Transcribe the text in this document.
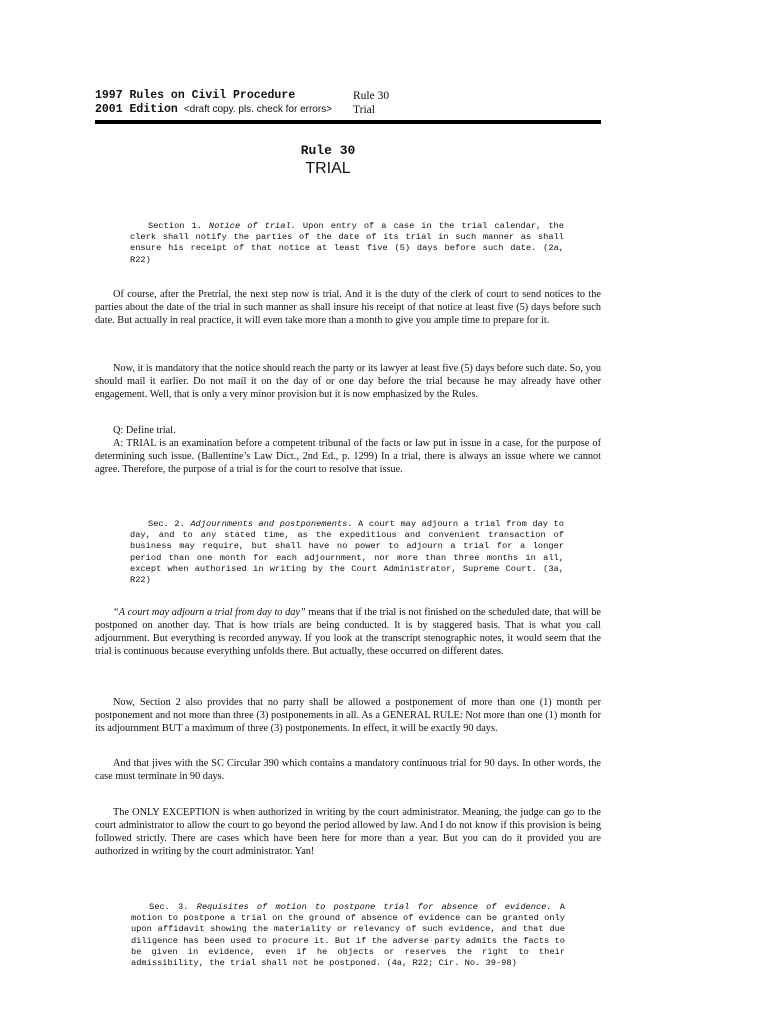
1997 Rules on Civil Procedure
2001 Edition <draft copy. pls. check for errors>
Rule 30
Trial
Rule 30
TRIAL
Section 1. Notice of trial. Upon entry of a case in the trial calendar, the clerk shall notify the parties of the date of its trial in such manner as shall ensure his receipt of that notice at least five (5) days before such date. (2a, R22)
Of course, after the Pretrial, the next step now is trial. And it is the duty of the clerk of court to send notices to the parties about the date of the trial in such manner as shall insure his receipt of that notice at least five (5) days before such date. But actually in real practice, it will even take more than a month to give you ample time to prepare for it.
Now, it is mandatory that the notice should reach the party or its lawyer at least five (5) days before such date. So, you should mail it earlier. Do not mail it on the day of or one day before the trial because he may already have other engagement. Well, that is only a very minor provision but it is now emphasized by the Rules.
Q: Define trial.
A: TRIAL is an examination before a competent tribunal of the facts or law put in issue in a case, for the purpose of determining such issue. (Ballentine’s Law Dict., 2nd Ed., p. 1299) In a trial, there is always an issue where we cannot agree. Therefore, the purpose of a trial is for the court to resolve that issue.
Sec. 2. Adjournments and postponements. A court may adjourn a trial from day to day, and to any stated time, as the expeditious and convenient transaction of business may require, but shall have no power to adjourn a trial for a longer period than one month for each adjournment, nor more than three months in all, except when authorised in writing by the Court Administrator, Supreme Court. (3a, R22)
“A court may adjourn a trial from day to day” means that if the trial is not finished on the scheduled date, that will be postponed on another day. That is how trials are being conducted. It is by staggered basis. That is what you call adjournment. But everything is recorded anyway. If you look at the transcript stenographic notes, it would seem that the trial is continuous because everything unfolds there. But actually, these occurred on different dates.
Now, Section 2 also provides that no party shall be allowed a postponement of more than one (1) month per postponement and not more than three (3) postponements in all. As a GENERAL RULE: Not more than one (1) month for its adjournment BUT a maximum of three (3) postponements. In effect, it will be exactly 90 days.
And that jives with the SC Circular 390 which contains a mandatory continuous trial for 90 days. In other words, the case must terminate in 90 days.
The ONLY EXCEPTION is when authorized in writing by the court administrator. Meaning, the judge can go to the court administrator to allow the court to go beyond the period allowed by law. And I do not know if this provision is being followed strictly. There are cases which have been here for more than a year. But you can do it provided you are authorized in writing by the court administrator. Yan!
Sec. 3. Requisites of motion to postpone trial for absence of evidence. A motion to postpone a trial on the ground of absence of evidence can be granted only upon affidavit showing the materiality or relevancy of such evidence, and that due diligence has been used to procure it. But if the adverse party admits the facts to be given in evidence, even if he objects or reserves the right to their admissibility, the trial shall not be postponed. (4a, R22; Cir. No. 39-98)
